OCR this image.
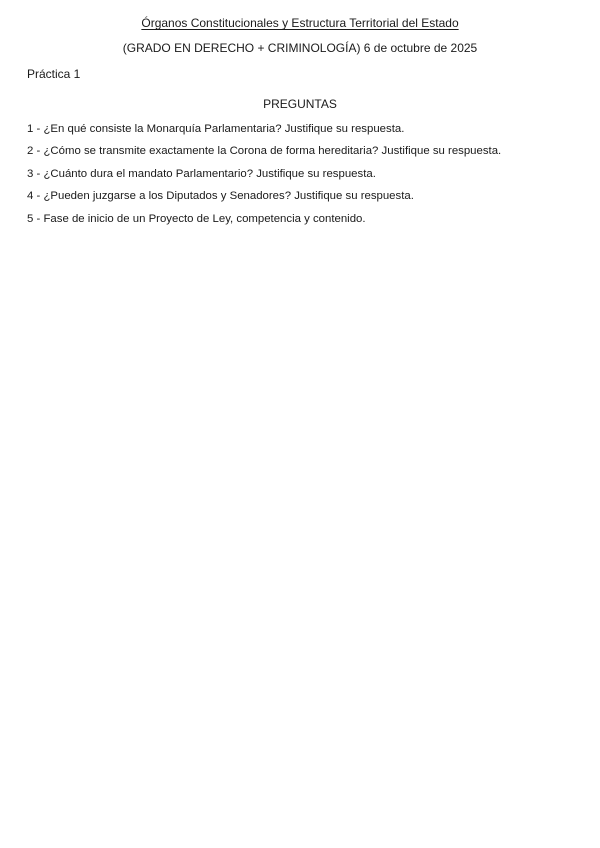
Órganos Constitucionales y Estructura Territorial del Estado

(GRADO EN DERECHO + CRIMINOLOGÍA) 6 de octubre de 2025

Práctica 1

PREGUNTAS

1 - ¿En qué consiste la Monarquía Parlamentaria? Justifique su respuesta.
2 - ¿Cómo se transmite exactamente la Corona de forma hereditaria? Justifique su respuesta.
3 - ¿Cuánto dura el mandato Parlamentario? Justifique su respuesta.
4 - ¿Pueden juzgarse a los Diputados y Senadores? Justifique su respuesta.
5 - Fase de inicio de un Proyecto de Ley, competencia y contenido.
